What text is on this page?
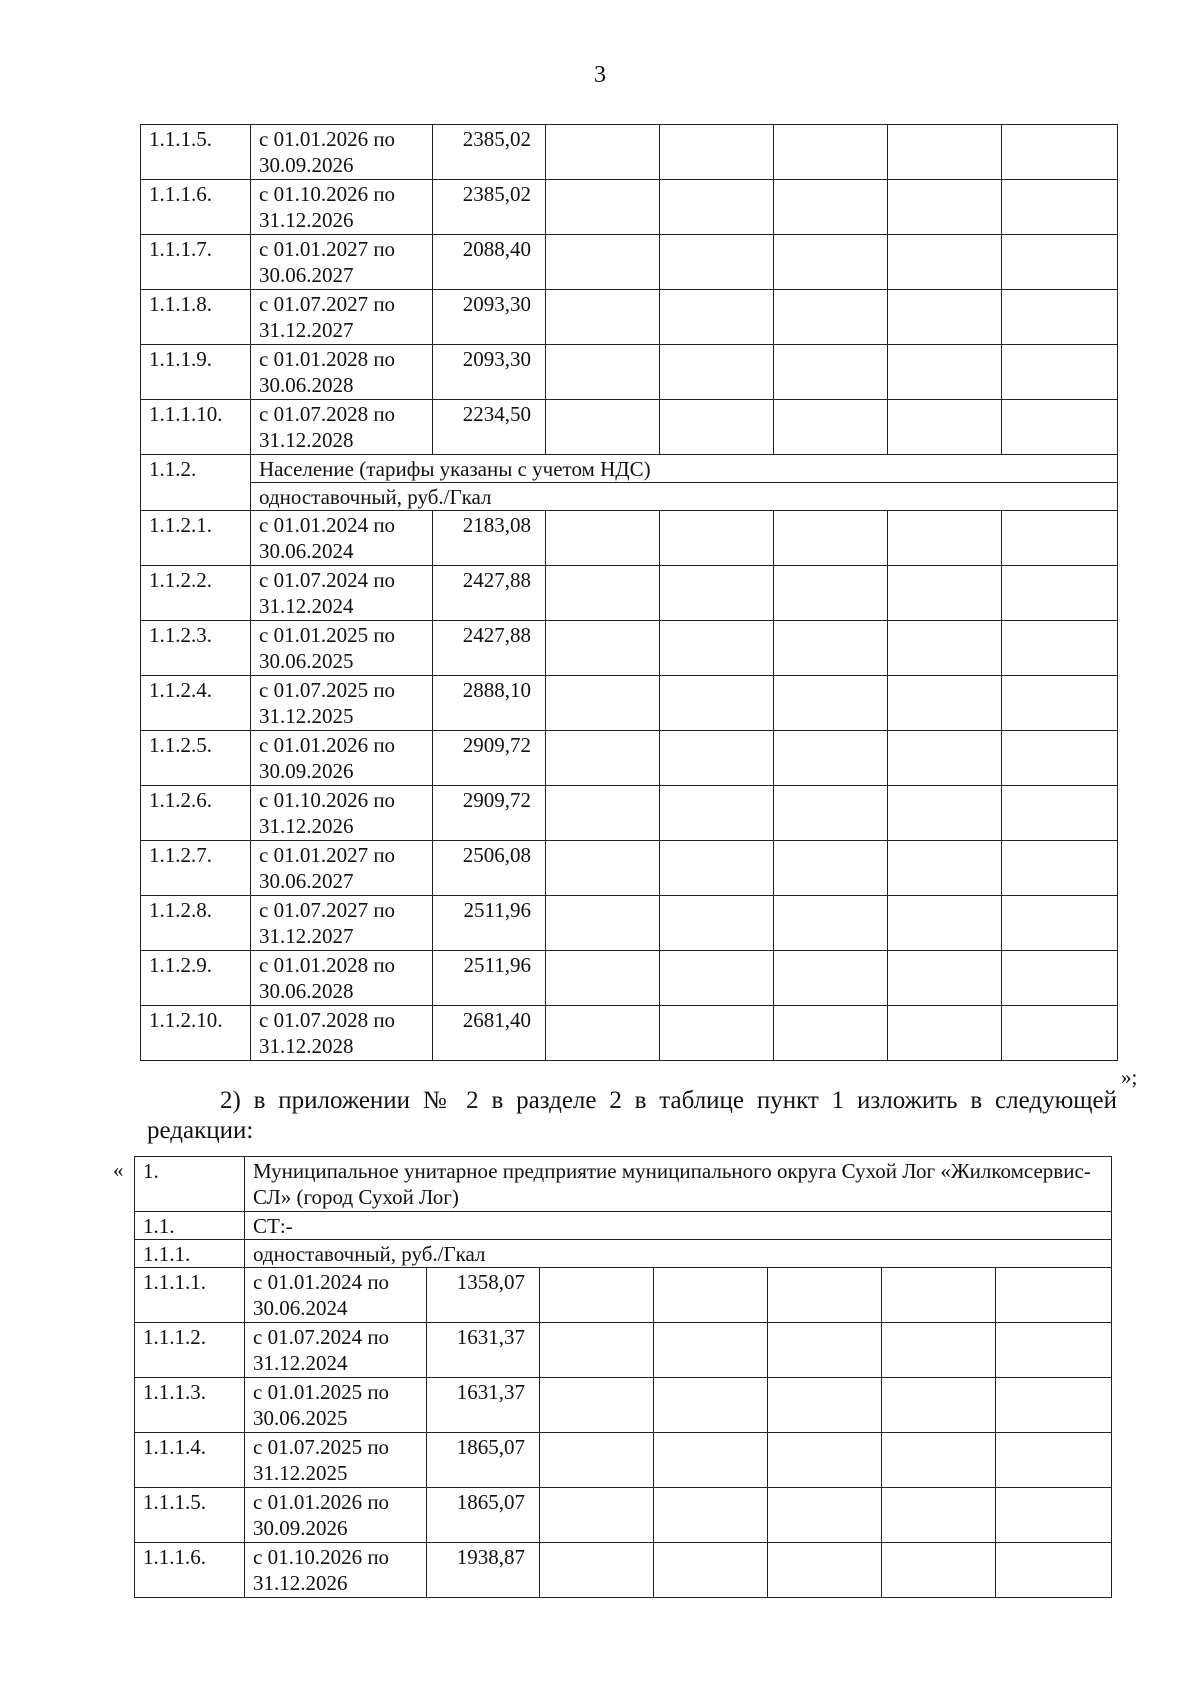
3
1.1.1.5.	с 01.01.2026 по 30.09.2026	2385,02					
1.1.1.6.	с 01.10.2026 по 31.12.2026	2385,02					
1.1.1.7.	с 01.01.2027 по 30.06.2027	2088,40					
1.1.1.8.	с 01.07.2027 по 31.12.2027	2093,30					
1.1.1.9.	с 01.01.2028 по 30.06.2028	2093,30					
1.1.1.10.	с 01.07.2028 по 31.12.2028	2234,50					
1.1.2.	Население (тарифы указаны с учетом НДС)						
	одноставочный, руб./Гкал						
1.1.2.1.	с 01.01.2024 по 30.06.2024	2183,08					
1.1.2.2.	с 01.07.2024 по 31.12.2024	2427,88					
1.1.2.3.	с 01.01.2025 по 30.06.2025	2427,88					
1.1.2.4.	с 01.07.2025 по 31.12.2025	2888,10					
1.1.2.5.	с 01.01.2026 по 30.09.2026	2909,72					
1.1.2.6.	с 01.10.2026 по 31.12.2026	2909,72					
1.1.2.7.	с 01.01.2027 по 30.06.2027	2506,08					
1.1.2.8.	с 01.07.2027 по 31.12.2027	2511,96					
1.1.2.9.	с 01.01.2028 по 30.06.2028	2511,96					
1.1.2.10.	с 01.07.2028 по 31.12.2028	2681,40					
»;
2) в приложении № 2 в разделе 2 в таблице пункт 1 изложить в следующей редакции:
« 1.	Муниципальное унитарное предприятие муниципального округа Сухой Лог «Жилкомсервис-СЛ» (город Сухой Лог)						
1.1.	СТ:-						
1.1.1.	одноставочный, руб./Гкал						
1.1.1.1.	с 01.01.2024 по 30.06.2024	1358,07					
1.1.1.2.	с 01.07.2024 по 31.12.2024	1631,37					
1.1.1.3.	с 01.01.2025 по 30.06.2025	1631,37					
1.1.1.4.	с 01.07.2025 по 31.12.2025	1865,07					
1.1.1.5.	с 01.01.2026 по 30.09.2026	1865,07					
1.1.1.6.	с 01.10.2026 по 31.12.2026	1938,87					
